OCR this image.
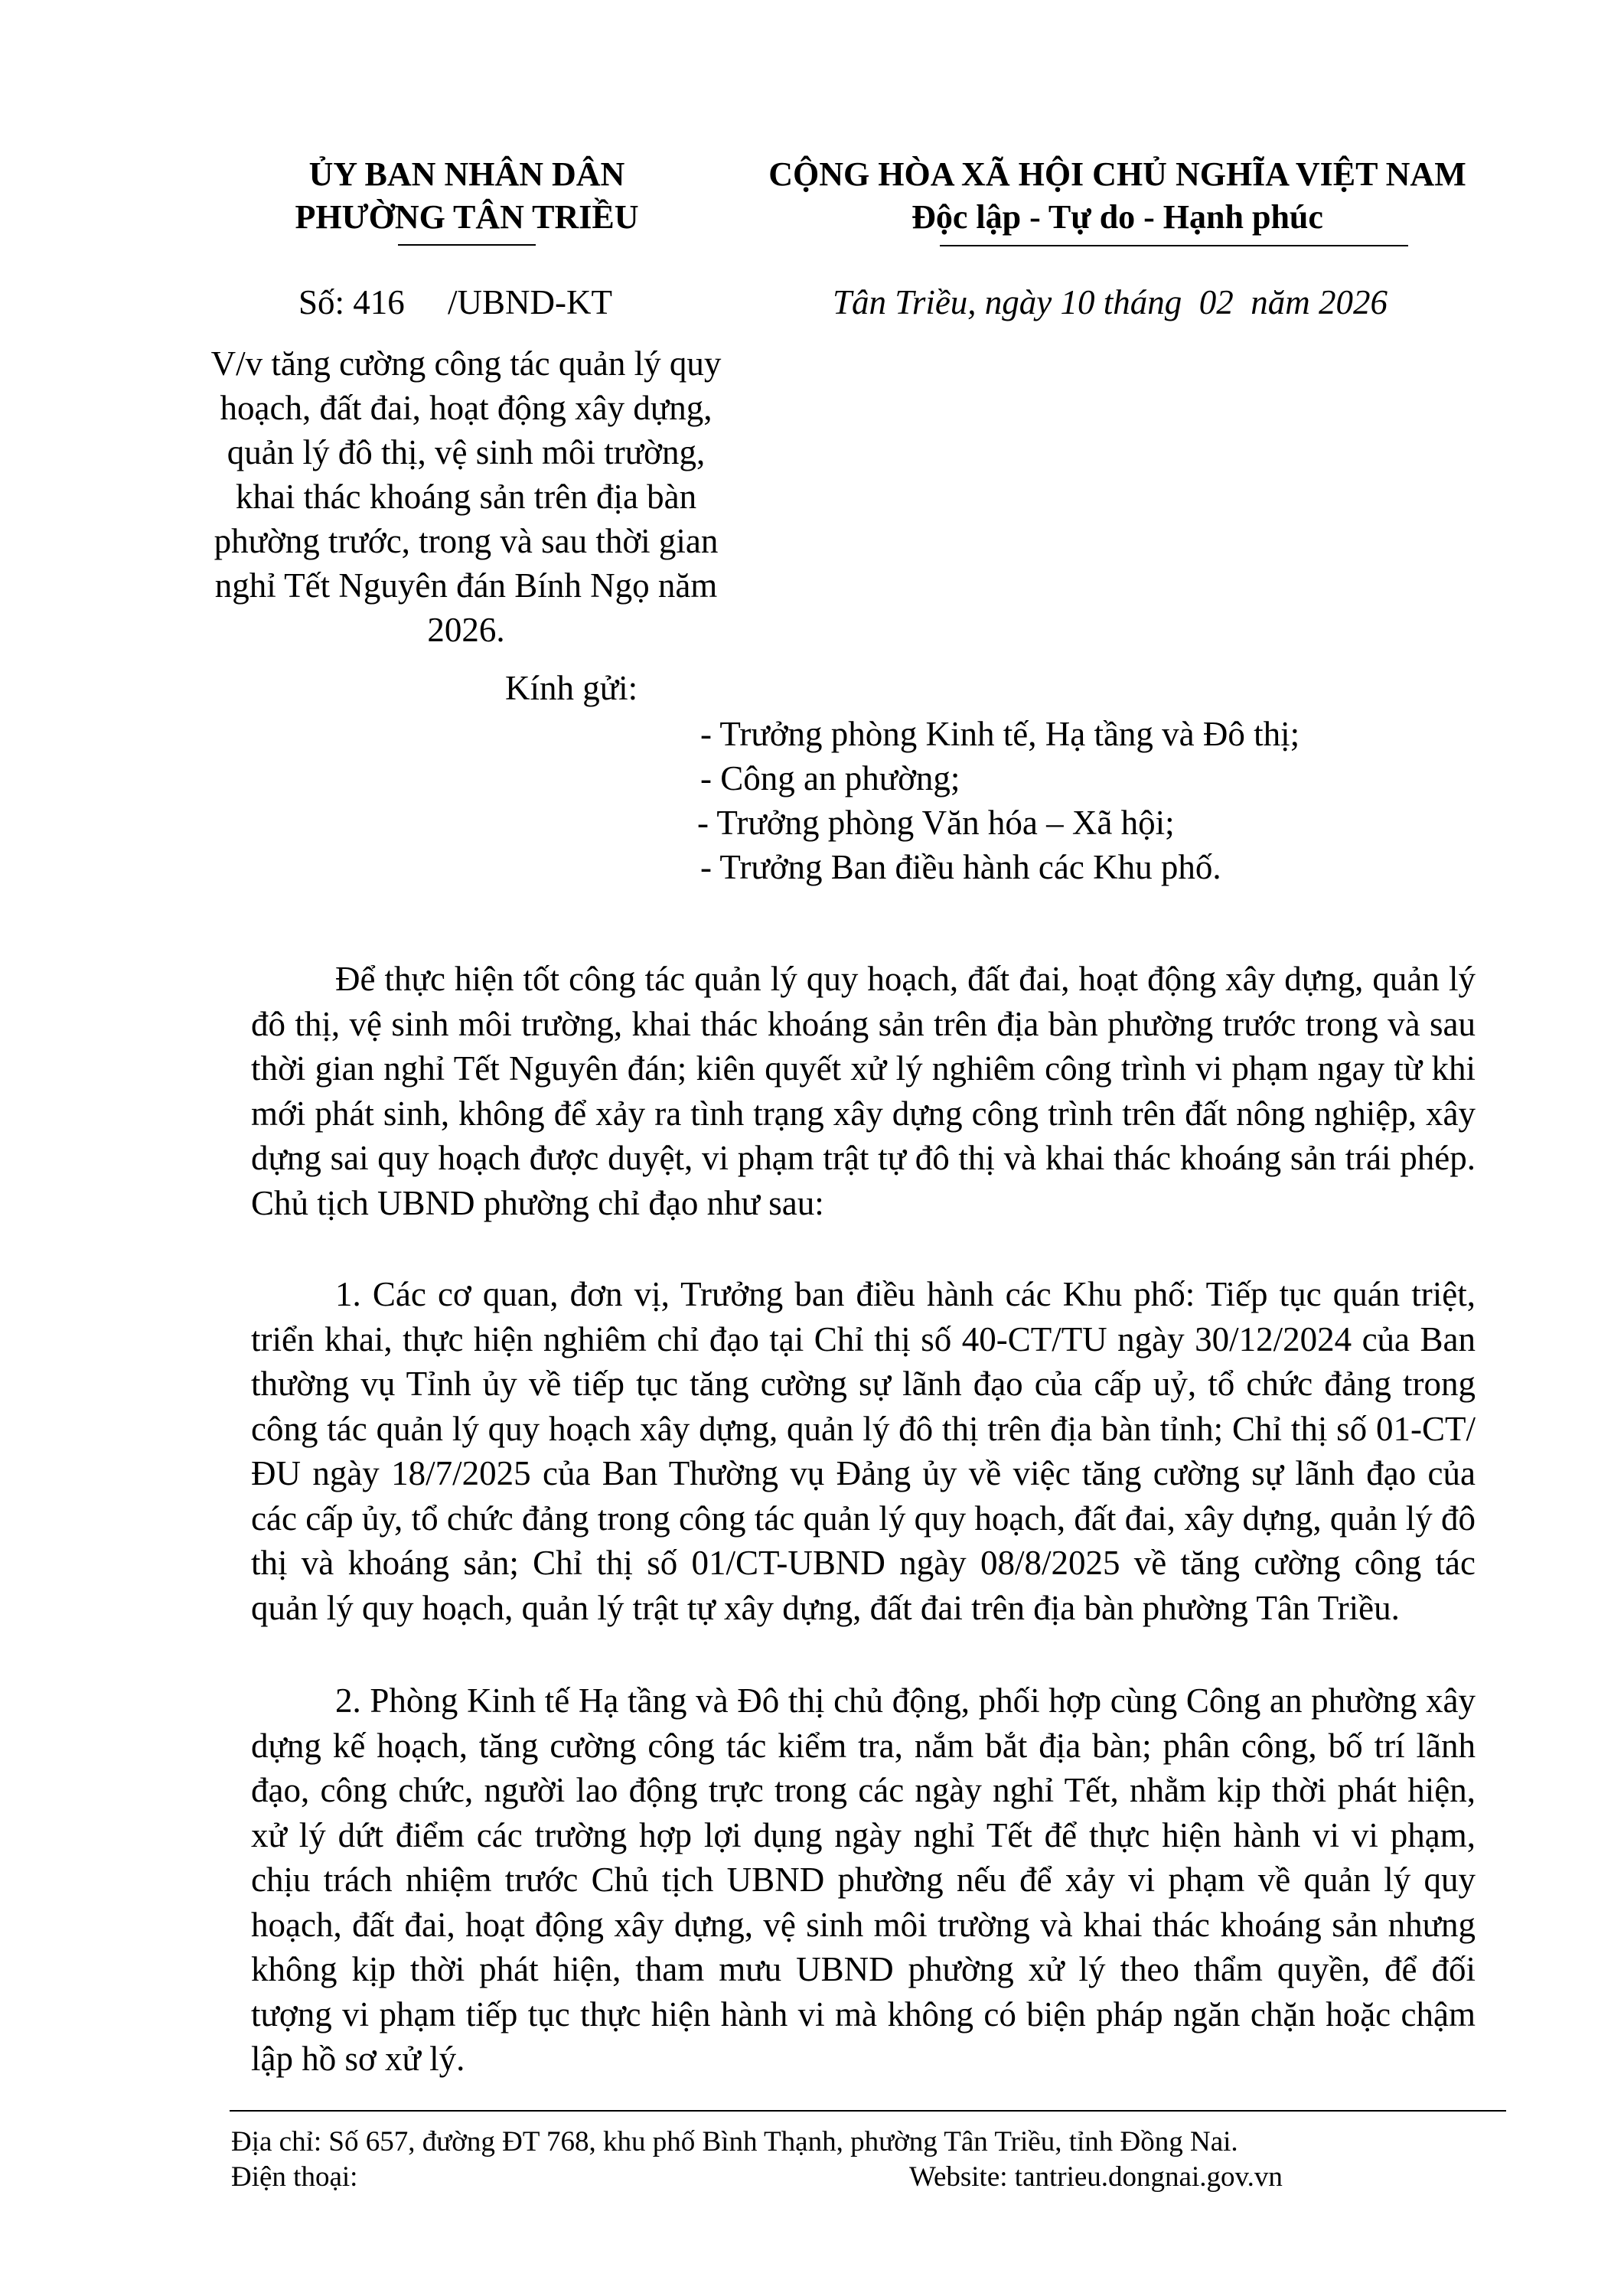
ỦY BAN NHÂN DÂN
PHƯỜNG TÂN TRIỀU
CỘNG HÒA XÃ HỘI CHỦ NGHĨA VIỆT NAM
Độc lập - Tự do - Hạnh phúc
Số: 416     /UBND-KT	Tân Triều, ngày 10 tháng  02  năm 2026
V/v tăng cường công tác quản lý quy hoạch, đất đai, hoạt động xây dựng, quản lý đô thị, vệ sinh môi trường, khai thác khoáng sản trên địa bàn phường trước, trong và sau thời gian nghỉ Tết Nguyên đán Bính Ngọ năm 2026.
Kính gửi:
- Trưởng phòng Kinh tế, Hạ tầng và Đô thị;
- Công an phường;
- Trưởng phòng Văn hóa – Xã hội;
- Trưởng Ban điều hành các Khu phố.
Để thực hiện tốt công tác quản lý quy hoạch, đất đai, hoạt động xây dựng, quản lý đô thị, vệ sinh môi trường, khai thác khoáng sản trên địa bàn phường trước trong và sau thời gian nghỉ Tết Nguyên đán; kiên quyết xử lý nghiêm công trình vi phạm ngay từ khi mới phát sinh, không để xảy ra tình trạng xây dựng công trình trên đất nông nghiệp, xây dựng sai quy hoạch được duyệt, vi phạm trật tự đô thị và khai thác khoáng sản trái phép. Chủ tịch UBND phường chỉ đạo như sau:
1. Các cơ quan, đơn vị, Trưởng ban điều hành các Khu phố: Tiếp tục quán triệt, triển khai, thực hiện nghiêm chỉ đạo tại Chỉ thị số 40-CT/TU ngày 30/12/2024 của Ban thường vụ Tỉnh ủy về tiếp tục tăng cường sự lãnh đạo của cấp uỷ, tổ chức đảng trong công tác quản lý quy hoạch xây dựng, quản lý đô thị trên địa bàn tỉnh; Chỉ thị số 01-CT/ĐU ngày 18/7/2025 của Ban Thường vụ Đảng ủy về việc tăng cường sự lãnh đạo của các cấp ủy, tổ chức đảng trong công tác quản lý quy hoạch, đất đai, xây dựng, quản lý đô thị và khoáng sản; Chỉ thị số 01/CT-UBND ngày 08/8/2025 về tăng cường công tác quản lý quy hoạch, quản lý trật tự xây dựng, đất đai trên địa bàn phường Tân Triều.
2. Phòng Kinh tế Hạ tầng và Đô thị chủ động, phối hợp cùng Công an phường xây dựng kế hoạch, tăng cường công tác kiểm tra, nắm bắt địa bàn; phân công, bố trí lãnh đạo, công chức, người lao động trực trong các ngày nghỉ Tết, nhằm kịp thời phát hiện, xử lý dứt điểm các trường hợp lợi dụng ngày nghỉ Tết để thực hiện hành vi vi phạm, chịu trách nhiệm trước Chủ tịch UBND phường nếu để xảy vi phạm về quản lý quy hoạch, đất đai, hoạt động xây dựng, vệ sinh môi trường và khai thác khoáng sản nhưng không kịp thời phát hiện, tham mưu UBND phường xử lý theo thẩm quyền, để đối tượng vi phạm tiếp tục thực hiện hành vi mà không có biện pháp ngăn chặn hoặc chậm lập hồ sơ xử lý.
Địa chỉ: Số 657, đường ĐT 768, khu phố Bình Thạnh, phường Tân Triều, tỉnh Đồng Nai.
Điện thoại:	Website: tantrieu.dongnai.gov.vn
